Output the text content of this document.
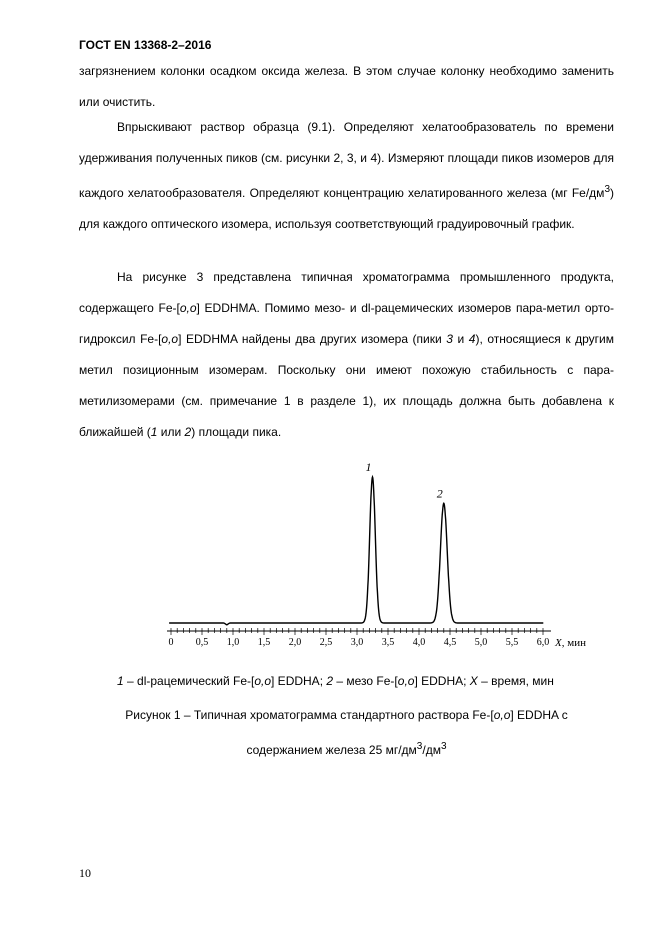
ГОСТ EN 13368-2–2016

загрязнением колонки осадком оксида железа. В этом случае колонку необходимо заменить или очистить.

Впрыскивают раствор образца (9.1). Определяют хелатообразователь по времени удерживания полученных пиков (см. рисунки 2, 3, и 4). Измеряют площади пиков изомеров для каждого хелатообразователя. Определяют концентрацию хелатированного железа (мг $Fe/дм^3$) для каждого оптического изомера, используя соответствующий градуировочный график.

На рисунке 3 представлена типичная хроматограмма промышленного продукта, содержащего Fe-[o,o] EDDHMA. Помимо мезо- и dl-рацемических изомеров пара-метил орто-гидроксил Fe-[o,o] EDDHMA найдены два других изомера (пики 3 и 4), относящиеся к другим метил позиционным изомерам. Поскольку они имеют похожую стабильность с пара-метилизомерами (см. примечание 1 в разделе 1), их площадь должна быть добавлена к ближайшей (1 или 2) площади пика.

0 0,5 1,0 1,5 2,0 2,5 3,0 3,5 4,0 4,5 5,0 5,5 6,0 X, мин
1
2
1 – dl-рацемический Fe-[o,o] EDDHA; 2 – мезо Fe-[o,o] EDDHA; X – время, мин
Рисунок 1 – Типичная хроматограмма стандартного раствора Fe-[o,o] EDDHA с
содержанием железа 25 $мг/дм^3/дм^3$
10
